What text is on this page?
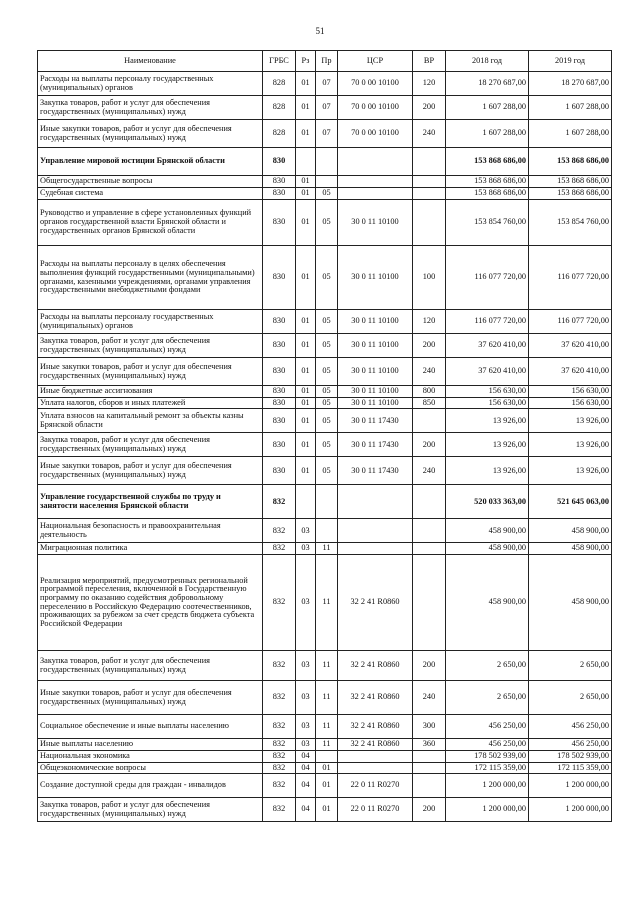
51
Наименование	ГРБС	Рз	Пр	ЦСР	ВР	2018 год	2019 год
Расходы на выплаты персоналу государственных (муниципальных) органов	828	01	07	70 0 00 10100	120	18 270 687,00	18 270 687,00
Закупка товаров, работ и услуг для обеспечения государственных (муниципальных) нужд	828	01	07	70 0 00 10100	200	1 607 288,00	1 607 288,00
Иные закупки товаров, работ и услуг для обеспечения государственных (муниципальных) нужд	828	01	07	70 0 00 10100	240	1 607 288,00	1 607 288,00
Управление мировой юстиции Брянской области	830					153 868 686,00	153 868 686,00
Общегосударственные вопросы	830	01				153 868 686,00	153 868 686,00
Судебная система	830	01	05			153 868 686,00	153 868 686,00
Руководство и управление в сфере установленных функций органов государственной власти Брянской области и государственных органов Брянской области	830	01	05	30 0 11 10100		153 854 760,00	153 854 760,00
Расходы на выплаты персоналу в целях обеспечения выполнения функций государственными (муниципальными) органами, казенными учреждениями, органами управления государственными внебюджетными фондами	830	01	05	30 0 11 10100	100	116 077 720,00	116 077 720,00
Расходы на выплаты персоналу государственных (муниципальных) органов	830	01	05	30 0 11 10100	120	116 077 720,00	116 077 720,00
Закупка товаров, работ и услуг для обеспечения государственных (муниципальных) нужд	830	01	05	30 0 11 10100	200	37 620 410,00	37 620 410,00
Иные закупки товаров, работ и услуг для обеспечения государственных (муниципальных) нужд	830	01	05	30 0 11 10100	240	37 620 410,00	37 620 410,00
Иные бюджетные ассигнования	830	01	05	30 0 11 10100	800	156 630,00	156 630,00
Уплата налогов, сборов и иных платежей	830	01	05	30 0 11 10100	850	156 630,00	156 630,00
Уплата взносов на капитальный ремонт за объекты казны Брянской области	830	01	05	30 0 11 17430		13 926,00	13 926,00
Закупка товаров, работ и услуг для обеспечения государственных (муниципальных) нужд	830	01	05	30 0 11 17430	200	13 926,00	13 926,00
Иные закупки товаров, работ и услуг для обеспечения государственных (муниципальных) нужд	830	01	05	30 0 11 17430	240	13 926,00	13 926,00
Управление государственной службы по труду и занятости населения Брянской области	832					520 033 363,00	521 645 063,00
Национальная безопасность и правоохранительная деятельность	832	03				458 900,00	458 900,00
Миграционная политика	832	03	11			458 900,00	458 900,00
Реализация мероприятий, предусмотренных региональной программой переселения, включенной в Государственную программу по оказанию содействия добровольному переселению в Российскую Федерацию соотечественников, проживающих за рубежом за счет средств бюджета субъекта Российской Федерации	832	03	11	32 2 41 R0860		458 900,00	458 900,00
Закупка товаров, работ и услуг для обеспечения государственных (муниципальных) нужд	832	03	11	32 2 41 R0860	200	2 650,00	2 650,00
Иные закупки товаров, работ и услуг для обеспечения государственных (муниципальных) нужд	832	03	11	32 2 41 R0860	240	2 650,00	2 650,00
Социальное обеспечение и иные выплаты населению	832	03	11	32 2 41 R0860	300	456 250,00	456 250,00
Иные выплаты населению	832	03	11	32 2 41 R0860	360	456 250,00	456 250,00
Национальная экономика	832	04				178 502 939,00	178 502 939,00
Общеэкономические вопросы	832	04	01			172 115 359,00	172 115 359,00
Создание доступной среды для граждан - инвалидов	832	04	01	22 0 11 R0270		1 200 000,00	1 200 000,00
Закупка товаров, работ и услуг для обеспечения государственных (муниципальных) нужд	832	04	01	22 0 11 R0270	200	1 200 000,00	1 200 000,00
